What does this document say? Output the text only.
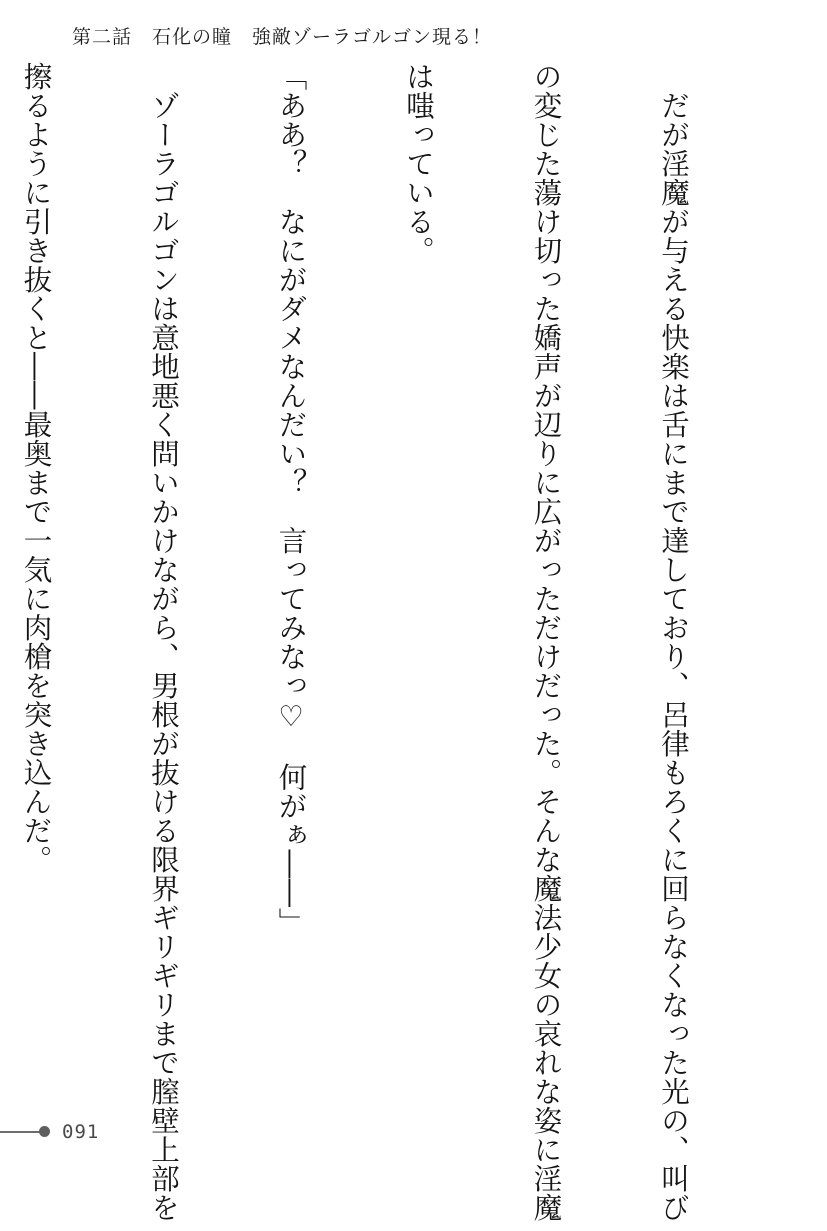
第二話　石化の瞳　強敵ゾーラゴルゴン現る！

　だが淫魔が与える快楽は舌にまで達しており、呂律もろくに回らなくなった光の、叫び

の変じた蕩け切った嬌声が辺りに広がっただけだった。そんな魔法少女の哀れな姿に淫魔

は嗤っている。

「ああ？　なにがダメなんだい？　言ってみなっ♡　何がぁ――」

　ゾーラゴルゴンは意地悪く問いかけながら、男根が抜ける限界ギリギリまで膣壁上部を

擦るように引き抜くと――最奥まで一気に肉槍を突き込んだ。

091
